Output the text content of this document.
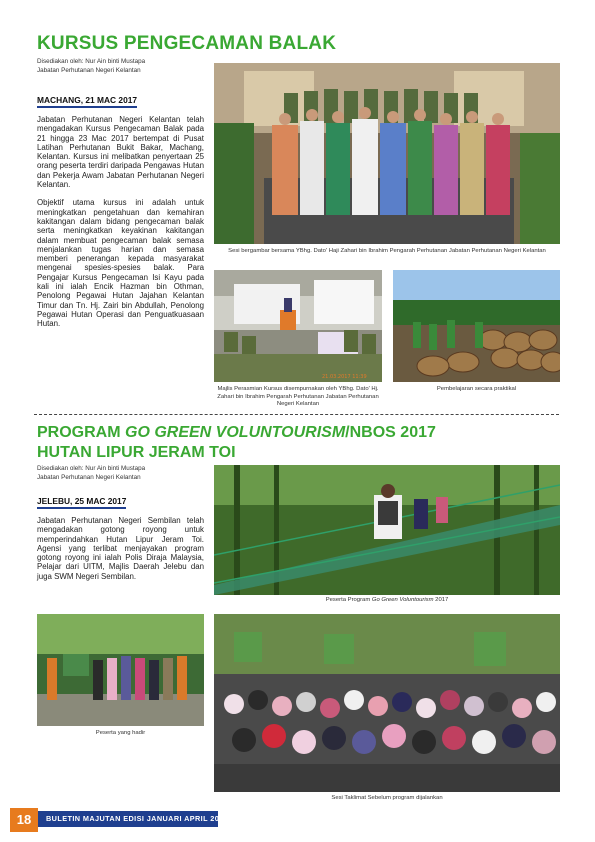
KURSUS PENGECAMAN BALAK
Disediakan oleh: Nur Ain binti Mustapa
Jabatan Perhutanan Negeri Kelantan
MACHANG, 21 MAC 2017

Jabatan Perhutanan Negeri Kelantan telah mengadakan Kursus Pengecaman Balak pada 21 hingga 23 Mac 2017 bertempat di Pusat Latihan Perhutanan Bukit Bakar, Machang, Kelantan. Kursus ini melibatkan penyertaan 25 orang peserta terdiri daripada Pengawas Hutan dan Pekerja Awam Jabatan Perhutanan Negeri Kelantan.

Objektif utama kursus ini adalah untuk meningkatkan pengetahuan dan kemahiran kakitangan dalam bidang pengecaman balak serta meningkatkan keyakinan kakitangan dalam membuat pengecaman balak semasa menjalankan tugas harian dan semasa memberi penerangan kepada masyarakat mengenai spesies-spesies balak. Para Pengajar Kursus Pengecaman Isi Kayu pada kali ini ialah Encik Hazman bin Othman, Penolong Pegawai Hutan Jajahan Kelantan Timur dan Tn. Hj. Zairi bin Abdullah, Penolong Pegawai Hutan Operasi dan Penguatkuasaan Hutan.

Sesi bergambar bersama YBhg. Dato' Haji Zahari bin Ibrahim Pengarah Perhutanan Jabatan Perhutanan Negeri Kelantan
21.03.2017 11:39
Majlis Perasmian Kursus disempurnakan oleh YBhg. Dato' Hj. Zahari bin Ibrahim Pengarah Perhutanan Jabatan Perhutanan Negeri Kelantan
Pembelajaran secara praktikal
PROGRAM GO GREEN VOLUNTOURISM/NBOS 2017
HUTAN LIPUR JERAM TOI
Disediakan oleh: Nur Ain binti Mustapa
Jabatan Perhutanan Negeri Kelantan
JELEBU, 25 MAC 2017

Jabatan Perhutanan Negeri Sembilan telah mengadakan gotong royong untuk memperindahkan Hutan Lipur Jeram Toi. Agensi yang terlibat menjayakan program gotong royong ini ialah Polis Diraja Malaysia, Pelajar dari UITM, Majlis Daerah Jelebu dan juga SWM Negeri Sembilan.

Peserta Program Go Green Voluntourism 2017
Peserta yang hadir
Sesi Taklimat Sebelum program dijalankan
18	BULETIN MAJUTAN EDISI JANUARI APRIL 2017
